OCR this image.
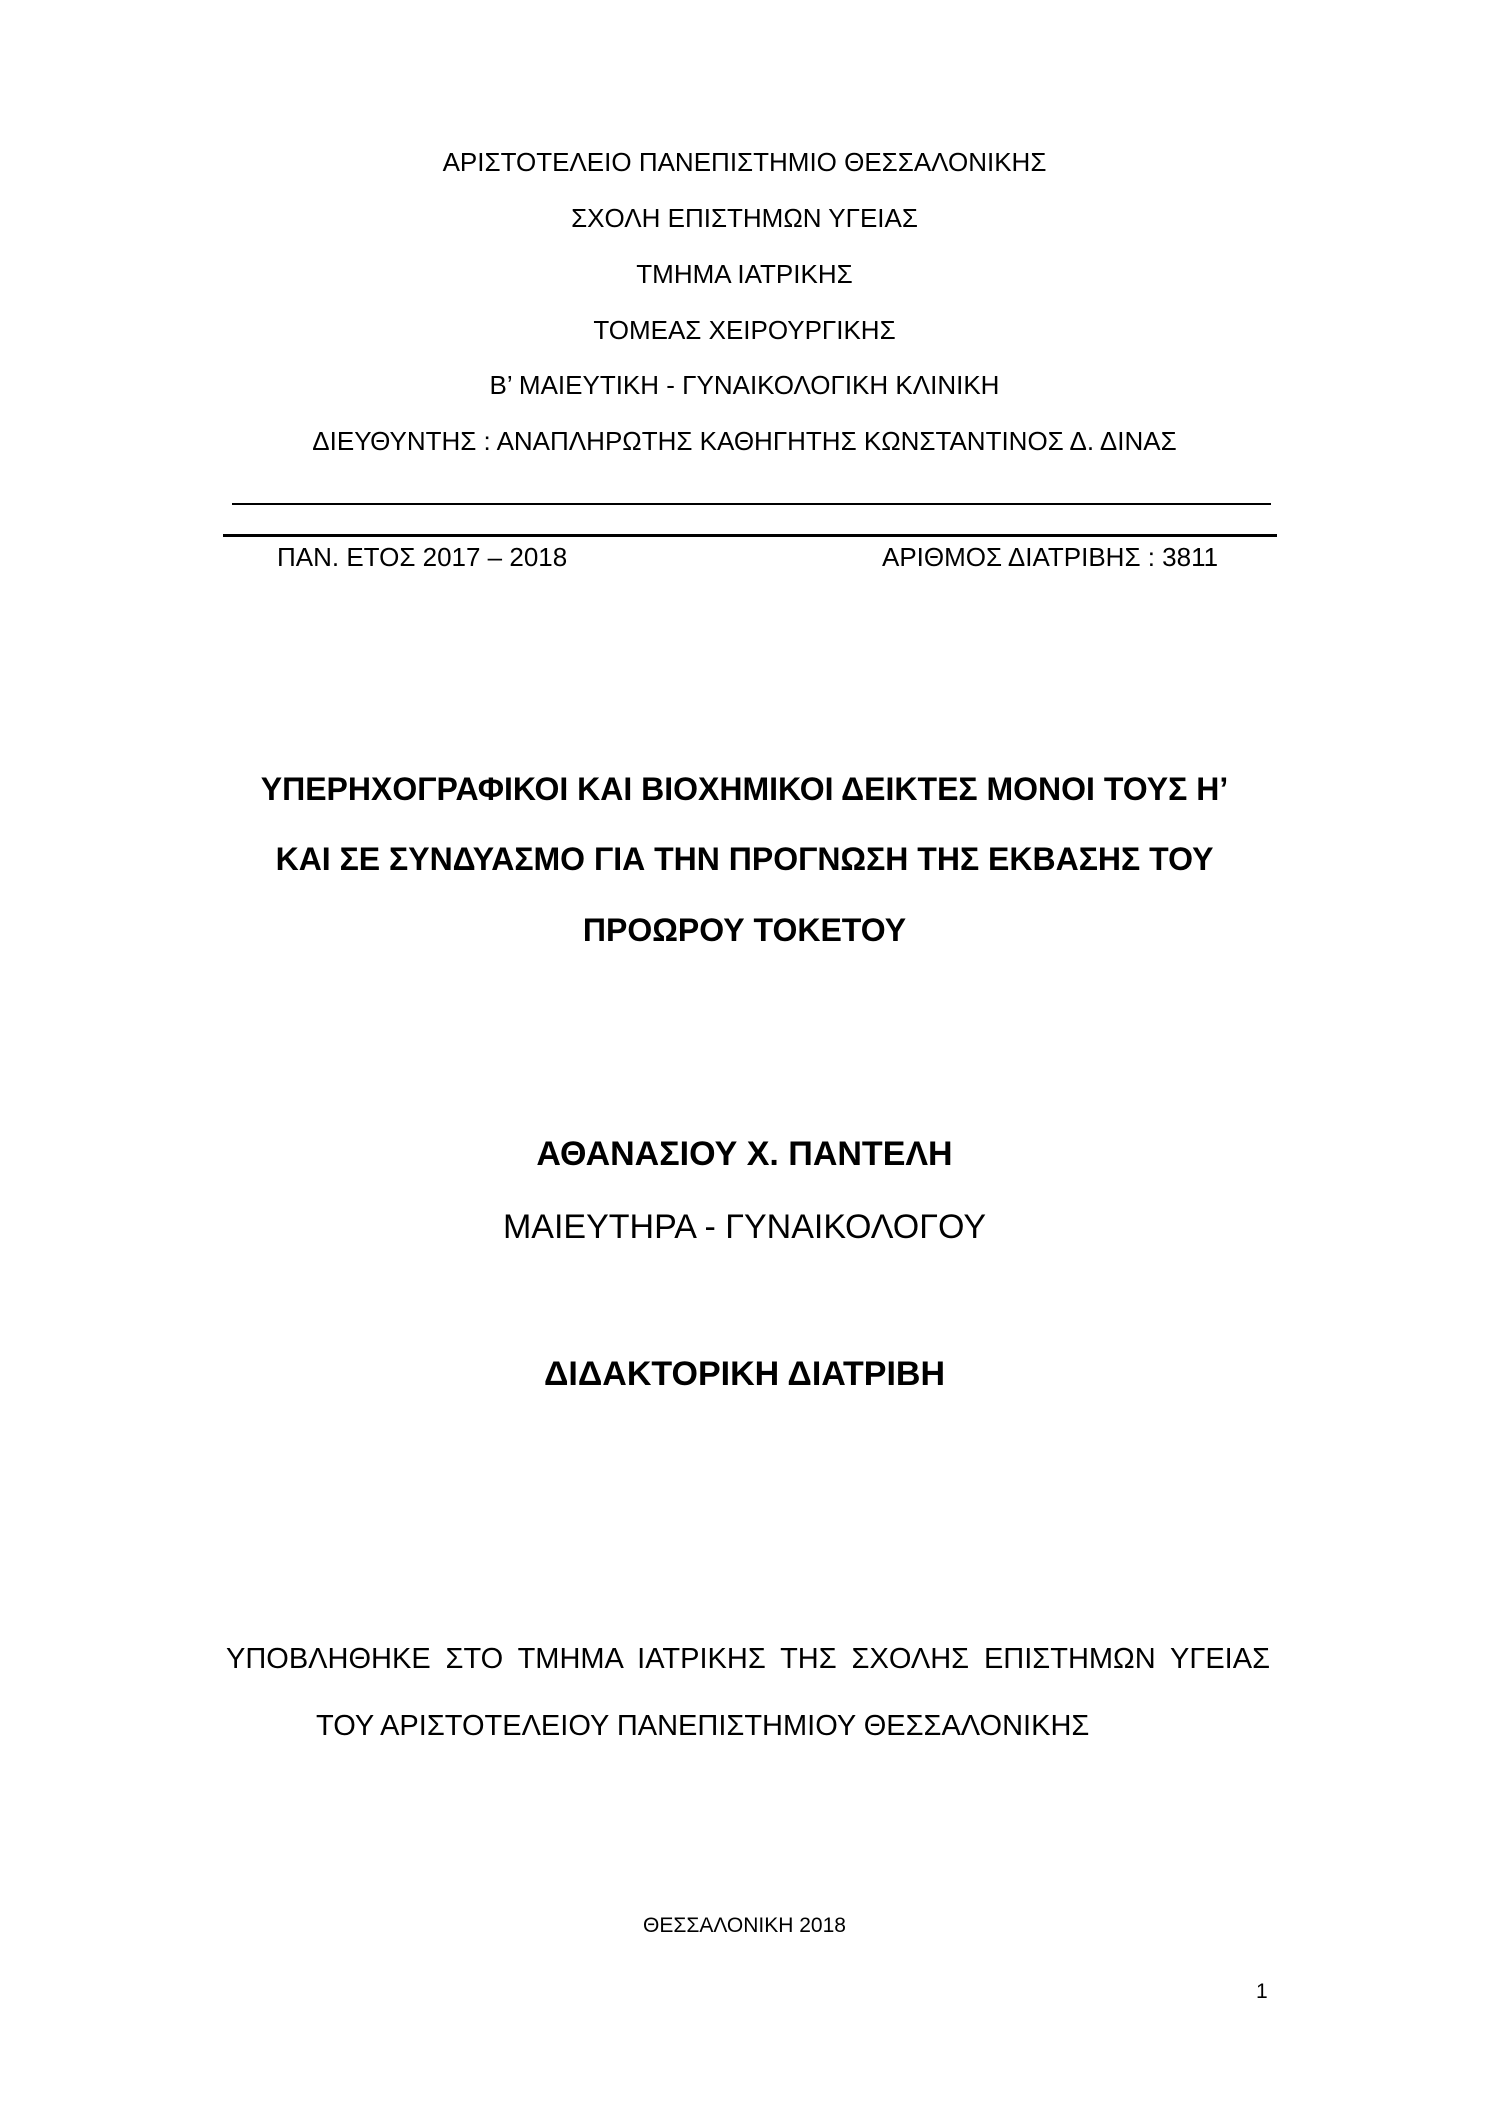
ΑΡΙΣΤΟΤΕΛΕΙΟ ΠΑΝΕΠΙΣΤΗΜΙΟ ΘΕΣΣΑΛΟΝΙΚΗΣ
ΣΧΟΛΗ ΕΠΙΣΤΗΜΩΝ ΥΓΕΙΑΣ
ΤΜΗΜΑ ΙΑΤΡΙΚΗΣ
ΤΟΜΕΑΣ ΧΕΙΡΟΥΡΓΙΚΗΣ
Β’ ΜΑΙΕΥΤΙΚΗ - ΓΥΝΑΙΚΟΛΟΓΙΚΗ ΚΛΙΝΙΚΗ
ΔΙΕΥΘΥΝΤΗΣ : ΑΝΑΠΛΗΡΩΤΗΣ ΚΑΘΗΓΗΤΗΣ ΚΩΝΣΤΑΝΤΙΝΟΣ Δ. ΔΙΝΑΣ
ΠΑΝ. ΕΤΟΣ 2017 – 2018	ΑΡΙΘΜΟΣ ΔΙΑΤΡΙΒΗΣ : 3811
ΥΠΕΡΗΧΟΓΡΑΦΙΚΟΙ ΚΑΙ ΒΙΟΧΗΜΙΚΟΙ ΔΕΙΚΤΕΣ ΜΟΝΟΙ ΤΟΥΣ Η’
ΚΑΙ ΣΕ ΣΥΝΔΥΑΣΜΟ ΓΙΑ ΤΗΝ ΠΡΟΓΝΩΣΗ ΤΗΣ ΕΚΒΑΣΗΣ ΤΟΥ
ΠΡΟΩΡΟΥ ΤΟΚΕΤΟΥ
ΑΘΑΝΑΣΙΟΥ Χ. ΠΑΝΤΕΛΗ
ΜΑΙΕΥΤΗΡΑ - ΓΥΝΑΙΚΟΛΟΓΟΥ
ΔΙΔΑΚΤΟΡΙΚΗ ΔΙΑΤΡΙΒΗ
ΥΠΟΒΛΗΘΗΚΕ ΣΤΟ ΤΜΗΜΑ ΙΑΤΡΙΚΗΣ ΤΗΣ ΣΧΟΛΗΣ ΕΠΙΣΤΗΜΩΝ ΥΓΕΙΑΣ
ΤΟΥ ΑΡΙΣΤΟΤΕΛΕΙΟΥ ΠΑΝΕΠΙΣΤΗΜΙΟΥ ΘΕΣΣΑΛΟΝΙΚΗΣ
ΘΕΣΣΑΛΟΝΙΚΗ 2018
1
